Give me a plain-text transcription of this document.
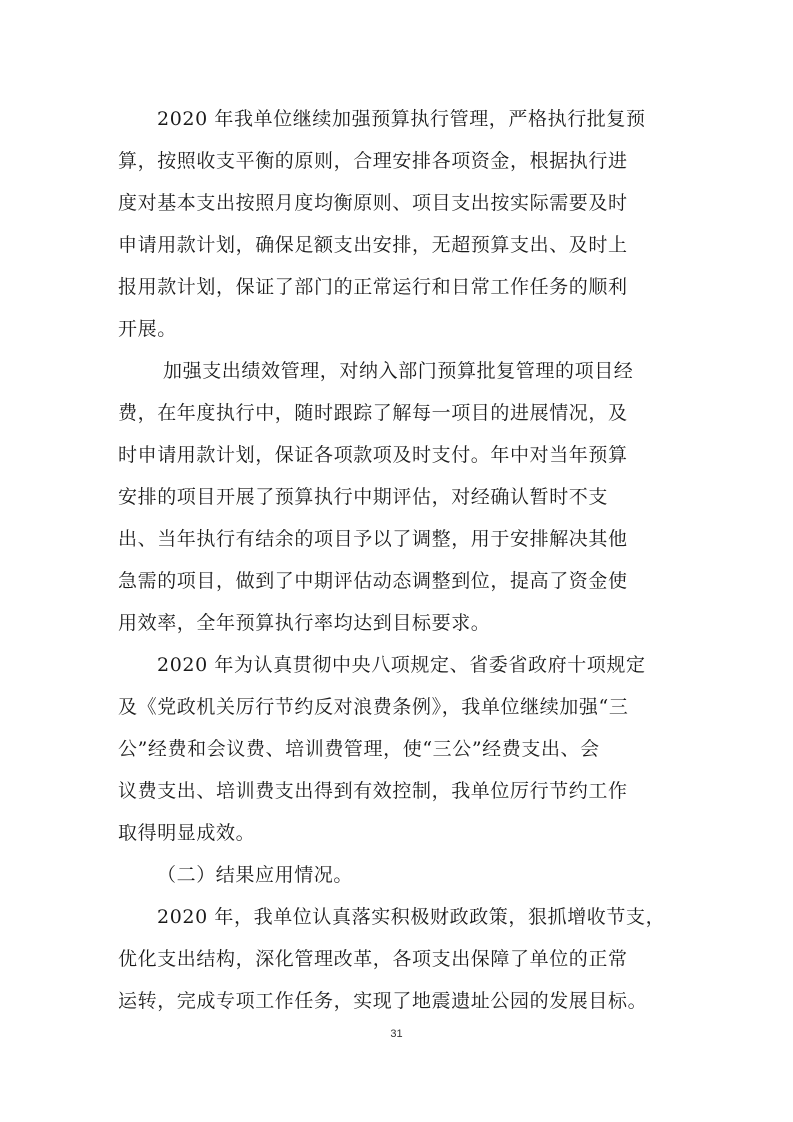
2020 年我单位继续加强预算执行管理，严格执行批复预
算，按照收支平衡的原则，合理安排各项资金，根据执行进
度对基本支出按照月度均衡原则、项目支出按实际需要及时
申请用款计划，确保足额支出安排，无超预算支出、及时上
报用款计划，保证了部门的正常运行和日常工作任务的顺利
开展。
加强支出绩效管理，对纳入部门预算批复管理的项目经
费，在年度执行中，随时跟踪了解每一项目的进展情况，及
时申请用款计划，保证各项款项及时支付。年中对当年预算
安排的项目开展了预算执行中期评估，对经确认暂时不支
出、当年执行有结余的项目予以了调整，用于安排解决其他
急需的项目，做到了中期评估动态调整到位，提高了资金使
用效率，全年预算执行率均达到目标要求。
2020 年为认真贯彻中央八项规定、省委省政府十项规定
及《党政机关厉行节约反对浪费条例》，我单位继续加强“三
公”经费和会议费、培训费管理，使“三公”经费支出、会
议费支出、培训费支出得到有效控制，我单位厉行节约工作
取得明显成效。
（二）结果应用情况。
2020 年，我单位认真落实积极财政政策，狠抓增收节支，
优化支出结构，深化管理改革，各项支出保障了单位的正常
运转，完成专项工作任务，实现了地震遗址公园的发展目标。
31
